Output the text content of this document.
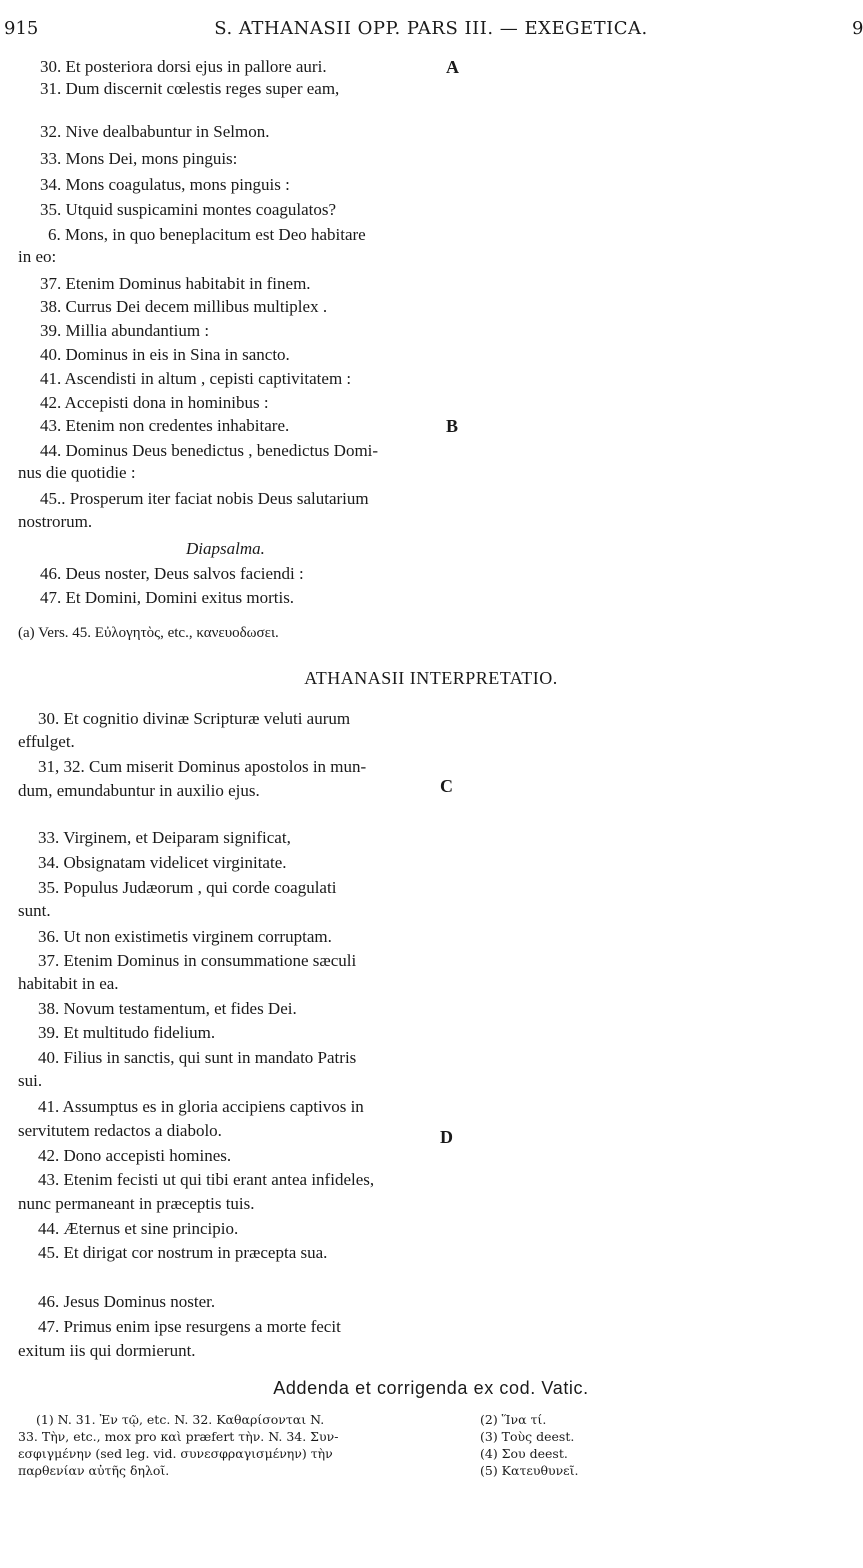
915	S. ATHANASII OPP. PARS III. — EXEGETICA.	9
30. Et posteriora dorsi ejus in pallore auri.
31. Dum discernit cœlestis reges super eam,
32. Nive dealbabuntur in Selmon.
33. Mons Dei, mons pinguis:
34. Mons coagulatus, mons pinguis :
35. Utquid suspicamini montes coagulatos?
6. Mons, in quo beneplacitum est Deo habitare
in eo:
37. Etenim Dominus habitabit in finem.
38. Currus Dei decem millibus multiplex .
39. Millia abundantium :
40. Dominus in eis in Sina in sancto.
41. Ascendisti in altum , cepisti captivitatem :
42. Accepisti dona in hominibus :
43. Etenim non credentes inhabitare.
44. Dominus Deus benedictus , benedictus Domi-
nus die quotidie :
45.. Prosperum iter faciat nobis Deus salutarium
nostrorum.
Diapsalma.
46. Deus noster, Deus salvos faciendi :
47. Et Domini, Domini exitus mortis.
A
B
(a) Vers. 45. Εὐλογητὸς, etc., κανευοδωσει.
ATHANASII INTERPRETATIO.
30. Et cognitio divinæ Scripturæ veluti aurum
effulget.
31, 32. Cum miserit Dominus apostolos in mun-
dum, emundabuntur in auxilio ejus.
33. Virginem, et Deiparam significat,
34. Obsignatam videlicet virginitate.
35. Populus Judæorum , qui corde coagulati
sunt.
36. Ut non existimetis virginem corruptam.
37. Etenim Dominus in consummatione sæculi
habitabit in ea.
38. Novum testamentum, et fides Dei.
39. Et multitudo fidelium.
40. Filius in sanctis, qui sunt in mandato Patris
sui.
41. Assumptus es in gloria accipiens captivos in
servitutem redactos a diabolo.
42. Dono accepisti homines.
43. Etenim fecisti ut qui tibi erant antea infideles,
nunc permaneant in præceptis tuis.
44. Æternus et sine principio.
45. Et dirigat cor nostrum in præcepta sua.
46. Jesus Dominus noster.
47. Primus enim ipse resurgens a morte fecit
exitum iis qui dormierunt.
C
D
Addenda et corrigenda ex cod. Vatic.
(1) N. 31. Ἐν τῷ, etc. N. 32. Καθαρίσονται N.
33. Τὴν, etc., mox pro καὶ præfert τὴν. N. 34. Συν-
εσφιγμένην (sed leg. vid. συνεσφραγισμένην) τὴν
παρθενίαν αὐτῆς δηλοῖ.
(2) Ἵνα τί.
(3) Τοὺς deest.
(4) Σου deest.
(5) Κατευθυνεῖ.
